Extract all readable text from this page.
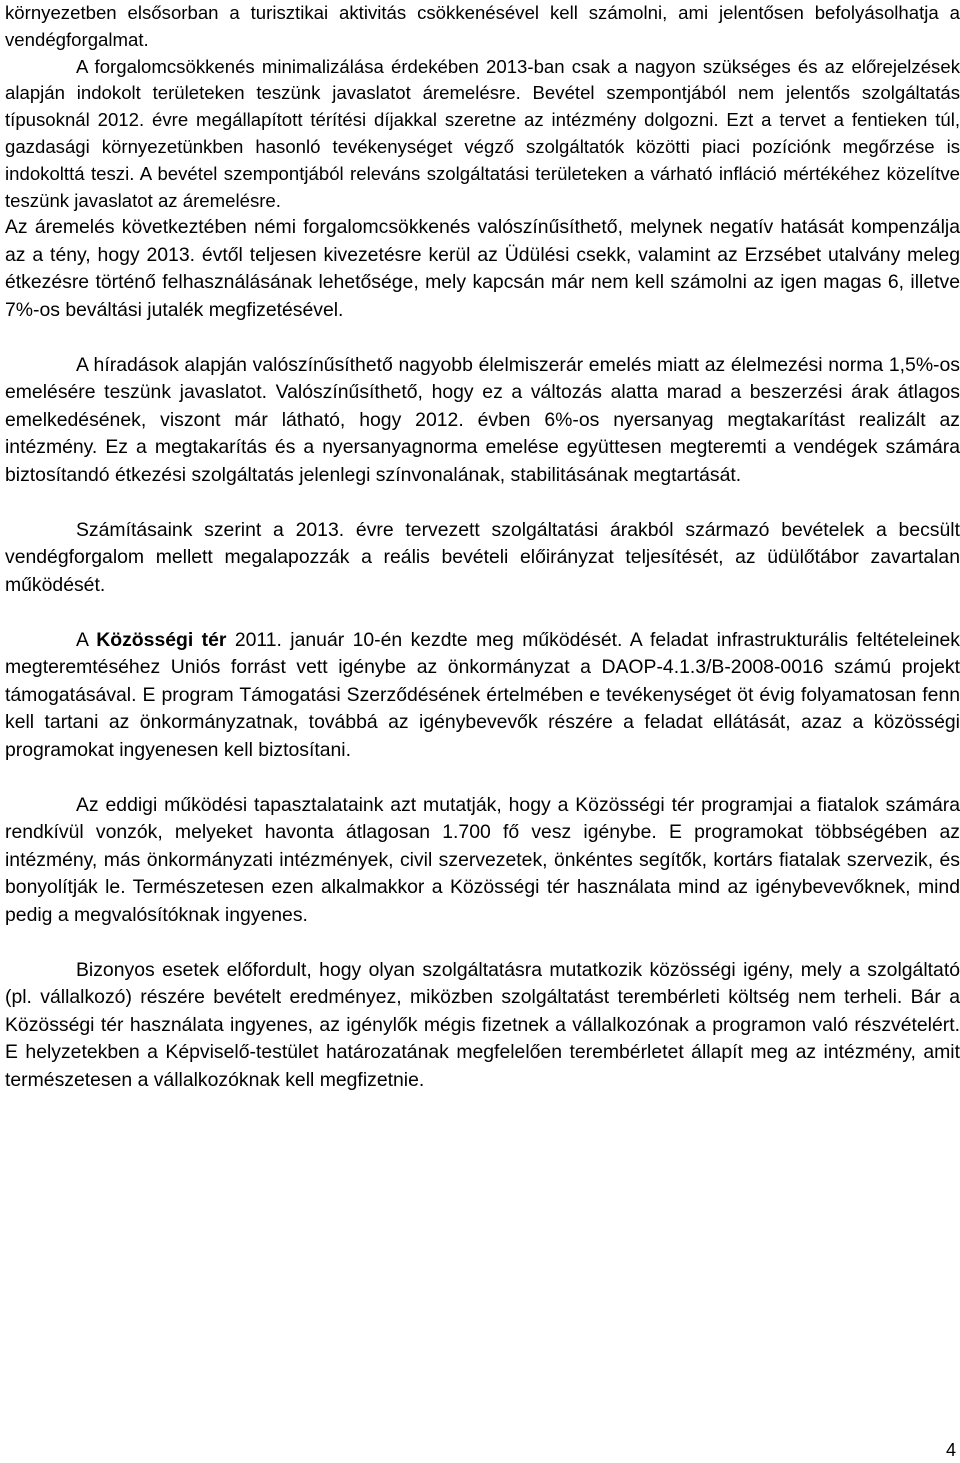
környezetben elsősorban a turisztikai aktivitás csökkenésével kell számolni, ami jelentősen befolyásolhatja a vendégforgalmat.

A forgalomcsökkenés minimalizálása érdekében 2013-ban csak a nagyon szükséges és az előrejelzések alapján indokolt területeken teszünk javaslatot áremelésre. Bevétel szempontjából nem jelentős szolgáltatás típusoknál 2012. évre megállapított térítési díjakkal szeretne az intézmény dolgozni. Ezt a tervet a fentieken túl, gazdasági környezetünkben hasonló tevékenységet végző szolgáltatók közötti piaci pozíciónk megőrzése is indokolttá teszi. A bevétel szempontjából releváns szolgáltatási területeken a várható infláció mértékéhez közelítve teszünk javaslatot az áremelésre.

Az áremelés következtében némi forgalomcsökkenés valószínűsíthető, melynek negatív hatását kompenzálja az a tény, hogy 2013. évtől teljesen kivezetésre kerül az Üdülési csekk, valamint az Erzsébet utalvány meleg étkezésre történő felhasználásának lehetősége, mely kapcsán már nem kell számolni az igen magas 6, illetve 7%-os beváltási jutalék megfizetésével.

A híradások alapján valószínűsíthető nagyobb élelmiszerár emelés miatt az élelmezési norma 1,5%-os emelésére teszünk javaslatot. Valószínűsíthető, hogy ez a változás alatta marad a beszerzési árak átlagos emelkedésének, viszont már látható, hogy 2012. évben 6%-os nyersanyag megtakarítást realizált az intézmény. Ez a megtakarítás és a nyersanyagnorma emelése együttesen megteremti a vendégek számára biztosítandó étkezési szolgáltatás jelenlegi színvonalának, stabilitásának megtartását.

Számításaink szerint a 2013. évre tervezett szolgáltatási árakból származó bevételek a becsült vendégforgalom mellett megalapozzák a reális bevételi előirányzat teljesítését, az üdülőtábor zavartalan működését.

A Közösségi tér 2011. január 10-én kezdte meg működését. A feladat infrastrukturális feltételeinek megteremtéséhez Uniós forrást vett igénybe az önkormányzat a DAOP-4.1.3/B-2008-0016 számú projekt támogatásával. E program Támogatási Szerződésének értelmében e tevékenységet öt évig folyamatosan fenn kell tartani az önkormányzatnak, továbbá az igénybevevők részére a feladat ellátását, azaz a közösségi programokat ingyenesen kell biztosítani.

Az eddigi működési tapasztalataink azt mutatják, hogy a Közösségi tér programjai a fiatalok számára rendkívül vonzók, melyeket havonta átlagosan 1.700 fő vesz igénybe. E programokat többségében az intézmény, más önkormányzati intézmények, civil szervezetek, önkéntes segítők, kortárs fiatalak szervezik, és bonyolítják le. Természetesen ezen alkalmakkor a Közösségi tér használata mind az igénybevevőknek, mind pedig a megvalósítóknak ingyenes.

Bizonyos esetek előfordult, hogy olyan szolgáltatásra mutatkozik közösségi igény, mely a szolgáltató (pl. vállalkozó) részére bevételt eredményez, miközben szolgáltatást terembérleti költség nem terheli. Bár a Közösségi tér használata ingyenes, az igénylők mégis fizetnek a vállalkozónak a programon való részvételért. E helyzetekben a Képviselő-testület határozatának megfelelően terembérletet állapít meg az intézmény, amit természetesen a vállalkozóknak kell megfizetnie.

4
